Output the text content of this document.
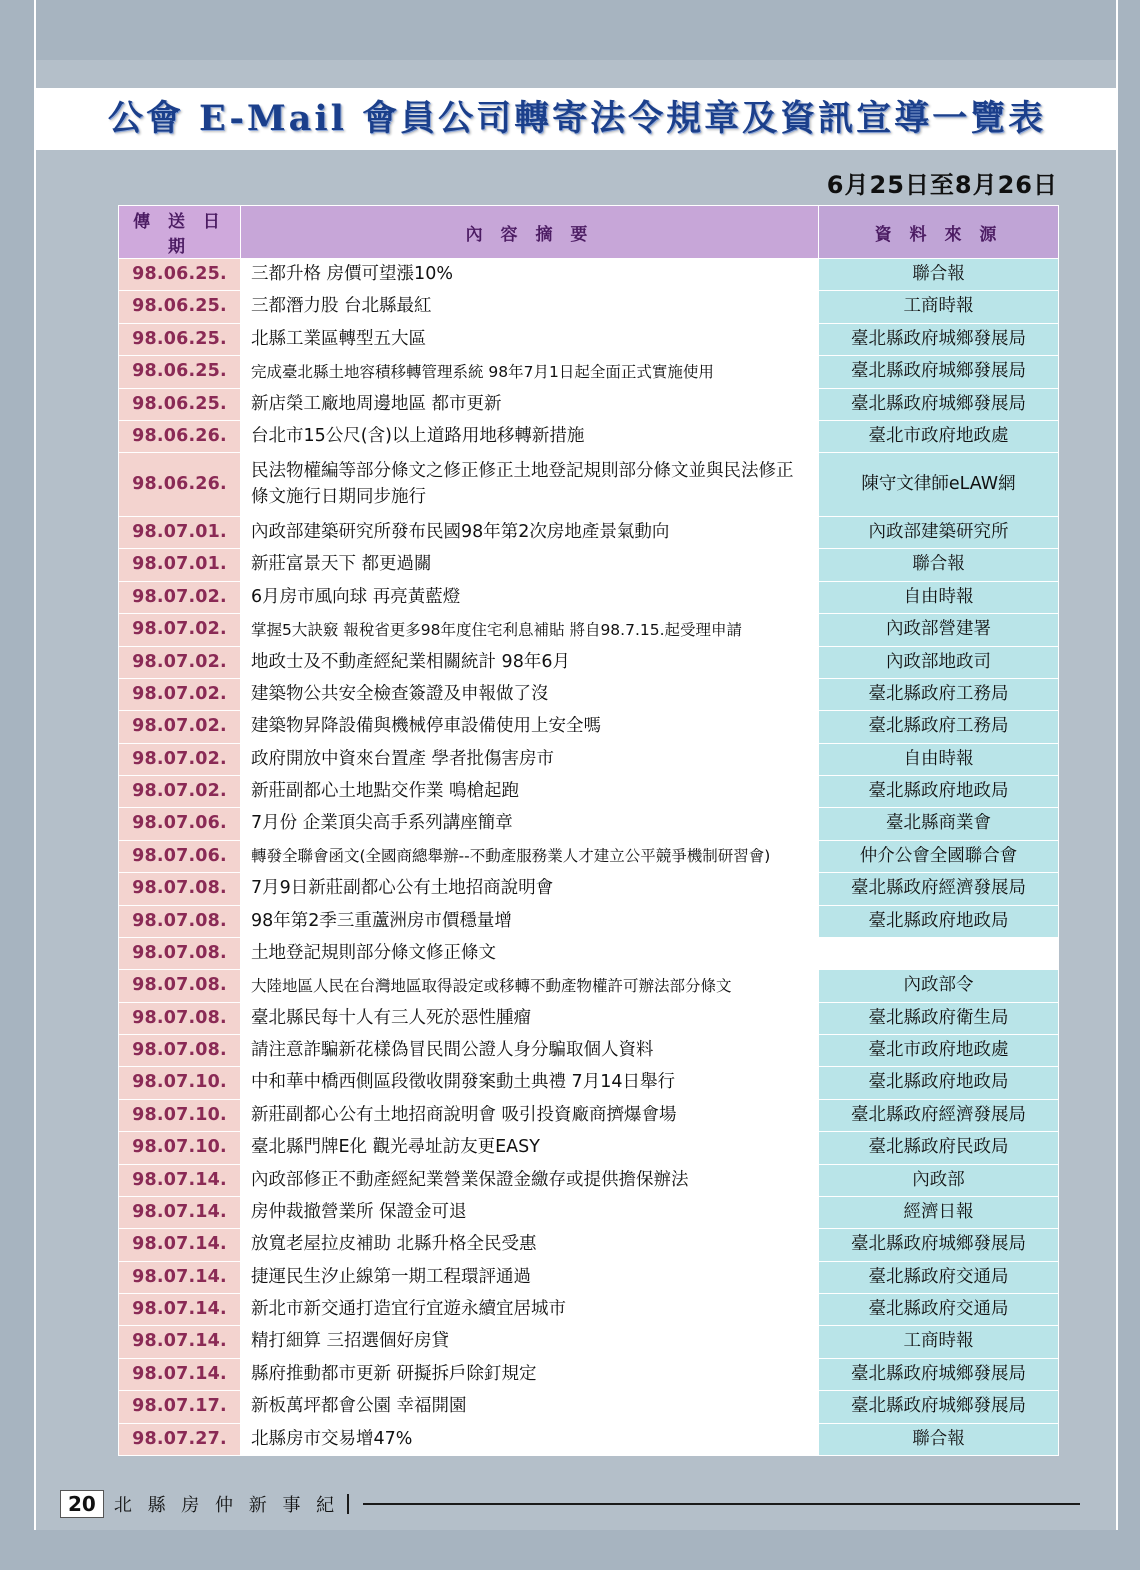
公會 E-Mail 會員公司轉寄法令規章及資訊宣導一覽表
6月25日至8月26日
傳 送 日 期	內 容 摘 要	資 料 來 源
98.06.25.	三都升格 房價可望漲10%	聯合報
98.06.25.	三都潛力股 台北縣最紅	工商時報
98.06.25.	北縣工業區轉型五大區	臺北縣政府城鄉發展局
98.06.25.	完成臺北縣土地容積移轉管理系統 98年7月1日起全面正式實施使用	臺北縣政府城鄉發展局
98.06.25.	新店榮工廠地周邊地區 都市更新	臺北縣政府城鄉發展局
98.06.26.	台北市15公尺(含)以上道路用地移轉新措施	臺北市政府地政處
98.06.26.	民法物權編等部分條文之修正修正土地登記規則部分條文並與民法修正條文施行日期同步施行	陳守文律師eLAW網
98.07.01.	內政部建築研究所發布民國98年第2次房地產景氣動向	內政部建築研究所
98.07.01.	新莊富景天下 都更過關	聯合報
98.07.02.	6月房市風向球 再亮黃藍燈	自由時報
98.07.02.	掌握5大訣竅 報稅省更多98年度住宅利息補貼 將自98.7.15.起受理申請	內政部營建署
98.07.02.	地政士及不動產經紀業相關統計 98年6月	內政部地政司
98.07.02.	建築物公共安全檢查簽證及申報做了沒	臺北縣政府工務局
98.07.02.	建築物昇降設備與機械停車設備使用上安全嗎	臺北縣政府工務局
98.07.02.	政府開放中資來台置產 學者批傷害房市	自由時報
98.07.02.	新莊副都心土地點交作業 鳴槍起跑	臺北縣政府地政局
98.07.06.	7月份 企業頂尖高手系列講座簡章	臺北縣商業會
98.07.06.	轉發全聯會函文(全國商總舉辦--不動產服務業人才建立公平競爭機制研習會)	仲介公會全國聯合會
98.07.08.	7月9日新莊副都心公有土地招商說明會	臺北縣政府經濟發展局
98.07.08.	98年第2季三重蘆洲房市價穩量增	臺北縣政府地政局
98.07.08.	土地登記規則部分條文修正條文	
98.07.08.	大陸地區人民在台灣地區取得設定或移轉不動產物權許可辦法部分條文	內政部令
98.07.08.	臺北縣民每十人有三人死於惡性腫瘤	臺北縣政府衛生局
98.07.08.	請注意詐騙新花樣偽冒民間公證人身分騙取個人資料	臺北市政府地政處
98.07.10.	中和華中橋西側區段徵收開發案動土典禮 7月14日舉行	臺北縣政府地政局
98.07.10.	新莊副都心公有土地招商說明會 吸引投資廠商擠爆會場	臺北縣政府經濟發展局
98.07.10.	臺北縣門牌E化 觀光尋址訪友更EASY	臺北縣政府民政局
98.07.14.	內政部修正不動產經紀業營業保證金繳存或提供擔保辦法	內政部
98.07.14.	房仲裁撤營業所 保證金可退	經濟日報
98.07.14.	放寬老屋拉皮補助 北縣升格全民受惠	臺北縣政府城鄉發展局
98.07.14.	捷運民生汐止線第一期工程環評通過	臺北縣政府交通局
98.07.14.	新北市新交通打造宜行宜遊永續宜居城市	臺北縣政府交通局
98.07.14.	精打細算 三招選個好房貸	工商時報
98.07.14.	縣府推動都市更新 研擬拆戶除釘規定	臺北縣政府城鄉發展局
98.07.17.	新板萬坪都會公園 幸福開園	臺北縣政府城鄉發展局
98.07.27.	北縣房市交易增47%	聯合報
20	北 縣 房 仲 新 事 紀
